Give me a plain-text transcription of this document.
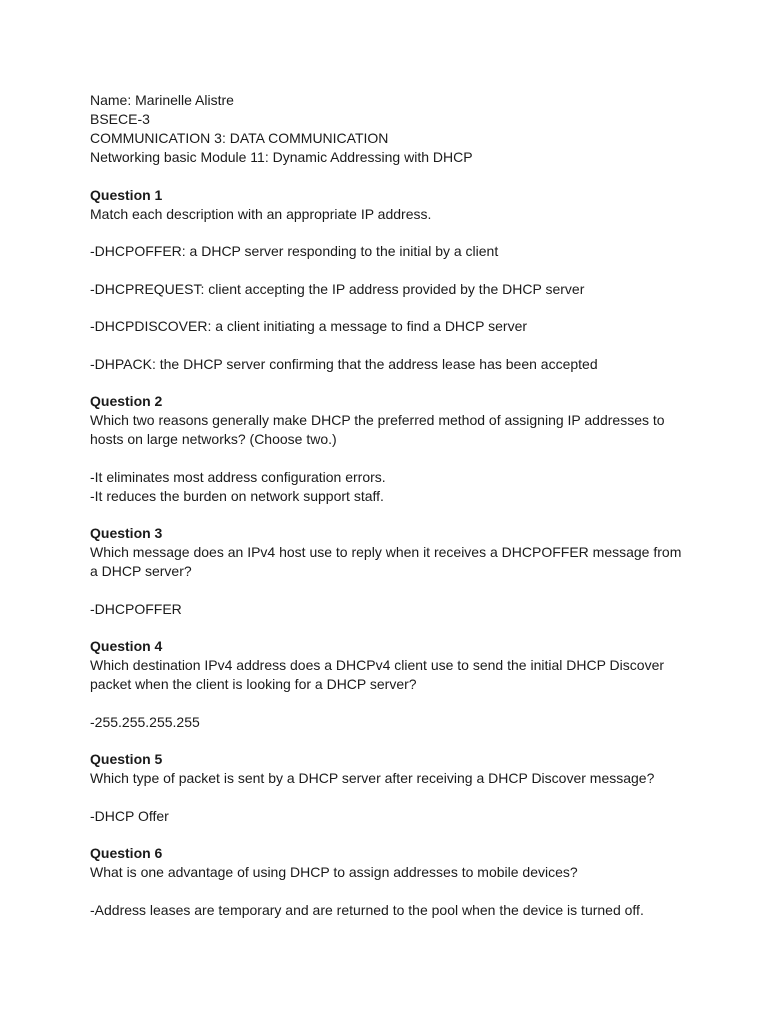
Name: Marinelle Alistre

BSECE-3

COMMUNICATION 3: DATA COMMUNICATION

Networking basic Module 11: Dynamic Addressing with DHCP

Question 1

Match each description with an appropriate IP address.

-DHCPOFFER: a DHCP server responding to the initial by a client

-DHCPREQUEST: client accepting the IP address provided by the DHCP server

-DHCPDISCOVER: a client initiating a message to find a DHCP server

-DHPACK: the DHCP server confirming that the address lease has been accepted

Question 2

Which two reasons generally make DHCP the preferred method of assigning IP addresses to hosts on large networks? (Choose two.)

-It eliminates most address configuration errors.

-It reduces the burden on network support staff.

Question 3

Which message does an IPv4 host use to reply when it receives a DHCPOFFER message from a DHCP server?

-DHCPOFFER

Question 4

Which destination IPv4 address does a DHCPv4 client use to send the initial DHCP Discover packet when the client is looking for a DHCP server?

-255.255.255.255

Question 5

Which type of packet is sent by a DHCP server after receiving a DHCP Discover message?

-DHCP Offer

Question 6

What is one advantage of using DHCP to assign addresses to mobile devices?

-Address leases are temporary and are returned to the pool when the device is turned off.
